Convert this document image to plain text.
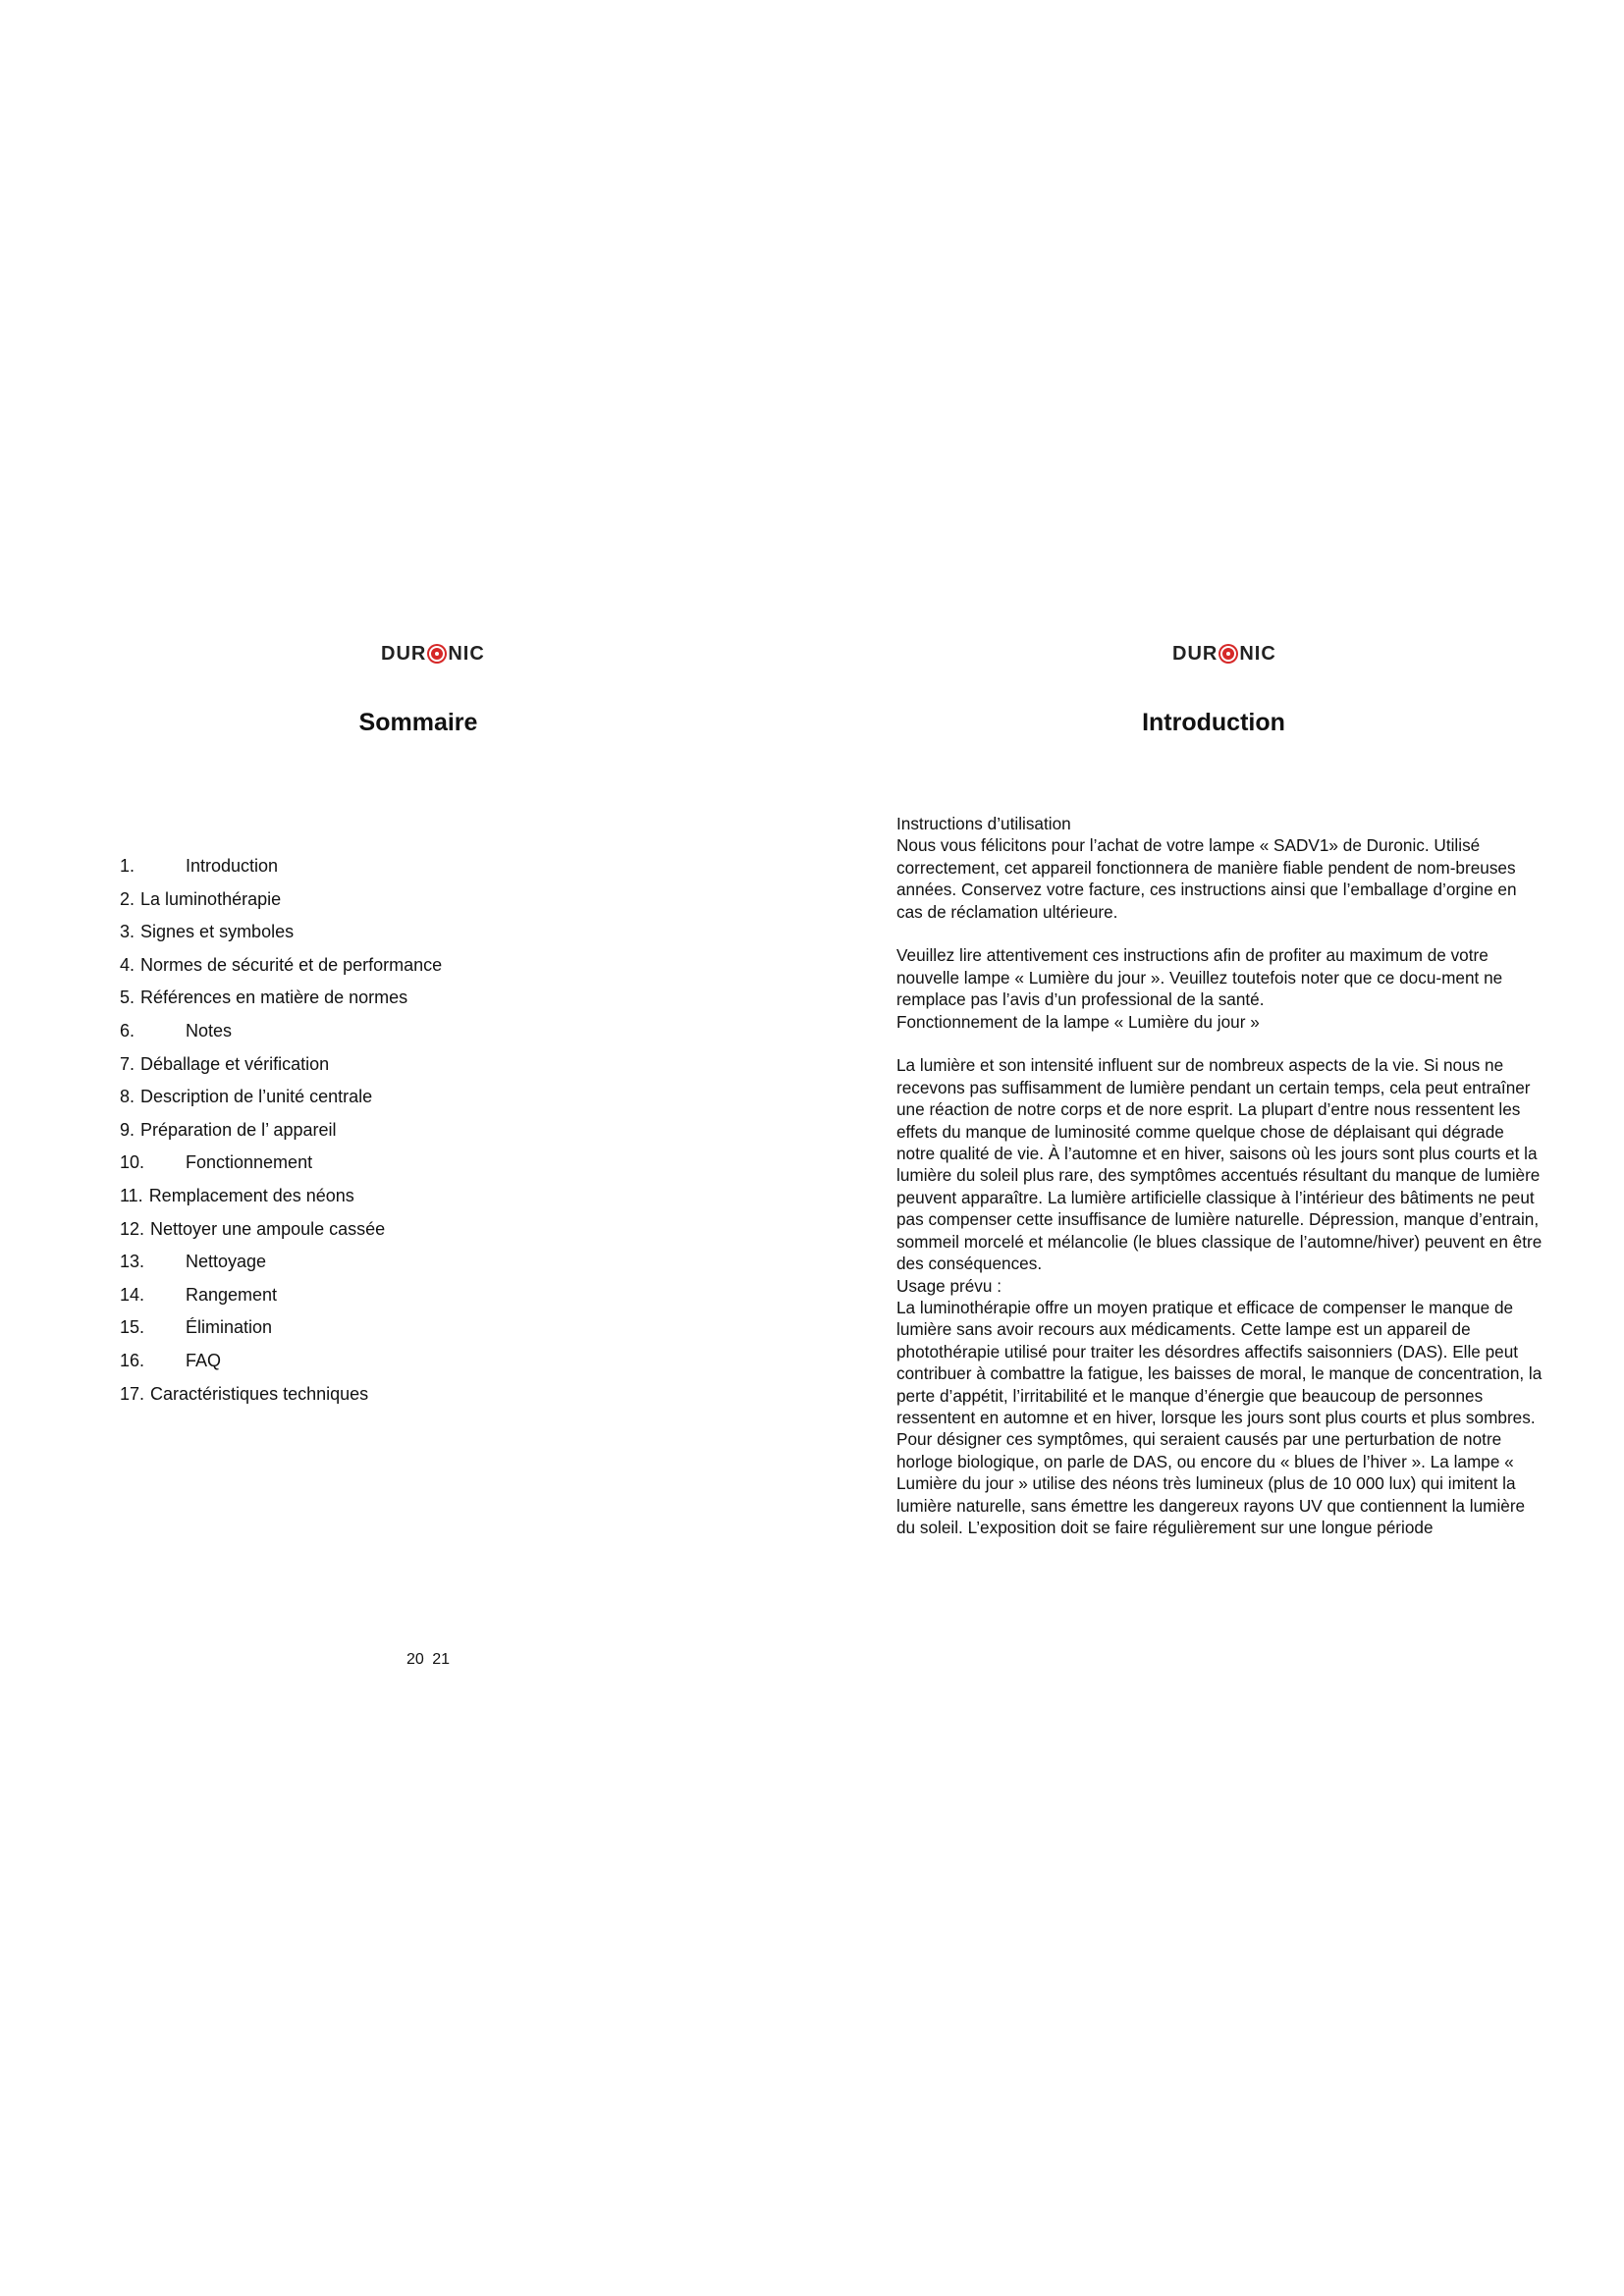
DUR NIC
Sommaire
1.	Introduction
2. La luminothérapie
3. Signes et symboles
4. Normes de sécurité et de performance
5. Références en matière de normes
6.	Notes
7. Déballage et vérification
8. Description de l’unité centrale
9. Préparation de l’ appareil
10.	Fonctionnement
11. Remplacement des néons
12. Nettoyer une ampoule cassée
13.	Nettoyage
14.	Rangement
15.	Élimination
16.	FAQ
17. Caractéristiques techniques
20 21
DUR NIC
Introduction

Instructions d’utilisation

Nous vous félicitons pour l’achat de votre lampe « SADV1» de Duronic. Utilisé correctement, cet appareil fonctionnera de manière fiable pendent de nom-breuses années. Conservez votre facture, ces instructions ainsi que l’emballage d’orgine en cas de réclamation ultérieure.

Veuillez lire attentivement ces instructions afin de profiter au maximum de votre nouvelle lampe « Lumière du jour ». Veuillez toutefois noter que ce docu-ment ne remplace pas l’avis d’un professional de la santé.

Fonctionnement de la lampe « Lumière du jour »

La lumière et son intensité influent sur de nombreux aspects de la vie. Si nous ne recevons pas suffisamment de lumière pendant un certain temps, cela peut entraîner une réaction de notre corps et de nore esprit. La plupart d’entre nous ressentent les effets du manque de luminosité comme quelque chose de déplaisant qui dégrade notre qualité de vie. À l’automne et en hiver, saisons où les jours sont plus courts et la lumière du soleil plus rare, des symptômes accentués résultant du manque de lumière peuvent apparaître. La lumière artificielle classique à l’intérieur des bâtiments ne peut pas compenser cette insuffisance de lumière naturelle. Dépression, manque d’entrain, sommeil morcelé et mélancolie (le blues classique de l’automne/hiver) peuvent en être des conséquences.

Usage prévu :

La luminothérapie offre un moyen pratique et efficace de compenser le manque de lumière sans avoir recours aux médicaments. Cette lampe est un appareil de photothérapie utilisé pour traiter les désordres affectifs saisonniers (DAS). Elle peut contribuer à combattre la fatigue, les baisses de moral, le manque de concentration, la perte d’appétit, l’irritabilité et le manque d’énergie que beaucoup de personnes ressentent en automne et en hiver, lorsque les jours sont plus courts et plus sombres. Pour désigner ces symptômes, qui seraient causés par une perturbation de notre horloge biologique, on parle de DAS, ou encore du « blues de l’hiver ». La lampe « Lumière du jour » utilise des néons très lumineux (plus de 10 000 lux) qui imitent la lumière naturelle, sans émettre les dangereux rayons UV que contiennent la lumière du soleil. L’exposition doit se faire régulièrement sur une longue période
